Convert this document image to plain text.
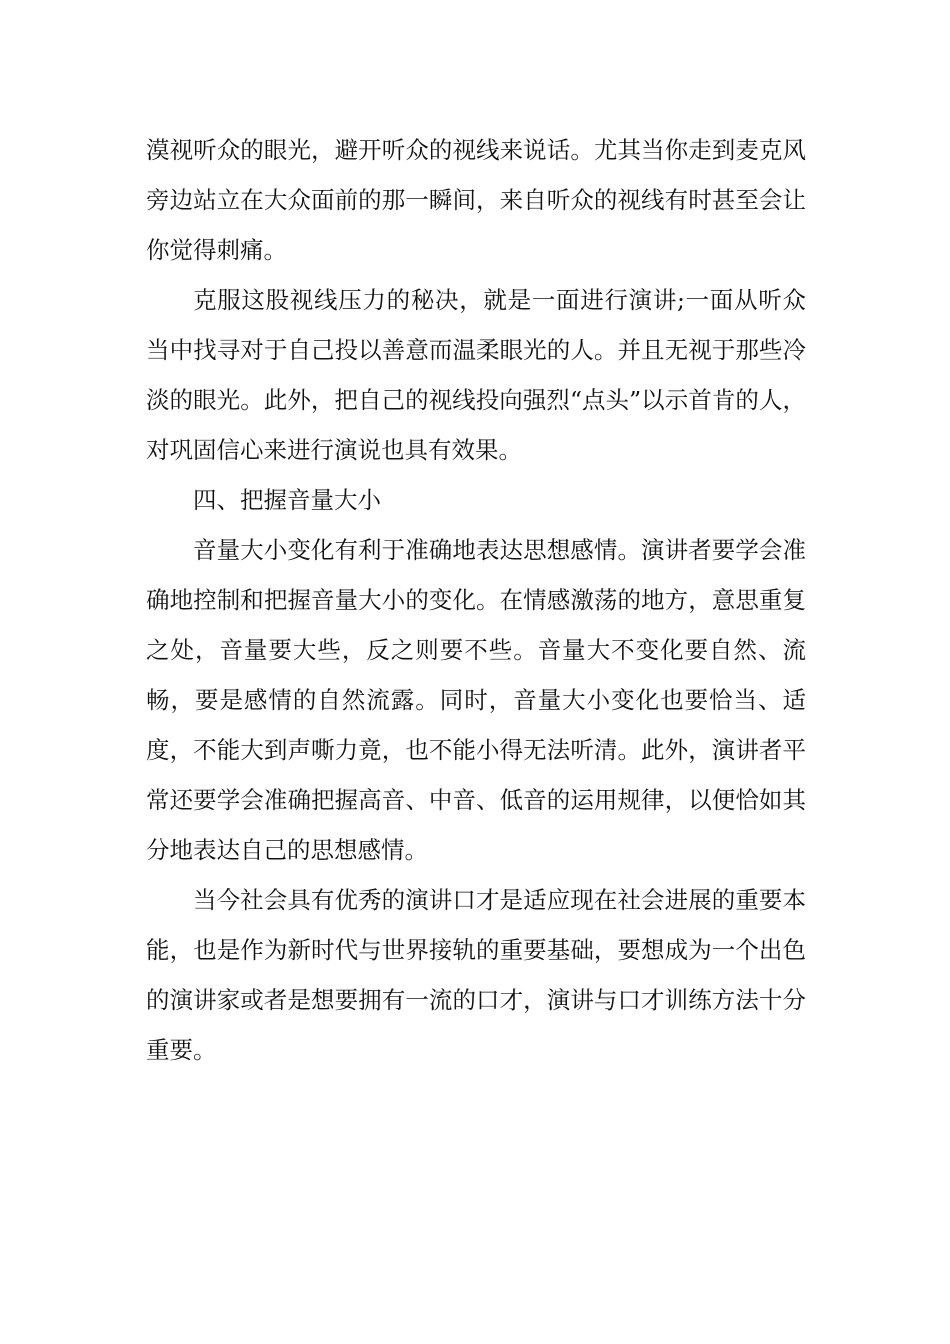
漠视听众的眼光，避开听众的视线来说话。尤其当你走到麦克风旁边站立在大众面前的那一瞬间，来自听众的视线有时甚至会让你觉得刺痛。

克服这股视线压力的秘决，就是一面进行演讲;一面从听众当中找寻对于自己投以善意而温柔眼光的人。并且无视于那些冷淡的眼光。此外，把自己的视线投向强烈“点头”以示首肯的人，对巩固信心来进行演说也具有效果。

四、把握音量大小

音量大小变化有利于准确地表达思想感情。演讲者要学会准确地控制和把握音量大小的变化。在情感激荡的地方，意思重复之处，音量要大些，反之则要不些。音量大不变化要自然、流畅，要是感情的自然流露。同时，音量大小变化也要恰当、适度，不能大到声嘶力竟，也不能小得无法听清。此外，演讲者平常还要学会准确把握高音、中音、低音的运用规律，以便恰如其分地表达自己的思想感情。

当今社会具有优秀的演讲口才是适应现在社会进展的重要本能，也是作为新时代与世界接轨的重要基础，要想成为一个出色的演讲家或者是想要拥有一流的口才，演讲与口才训练方法十分重要。
